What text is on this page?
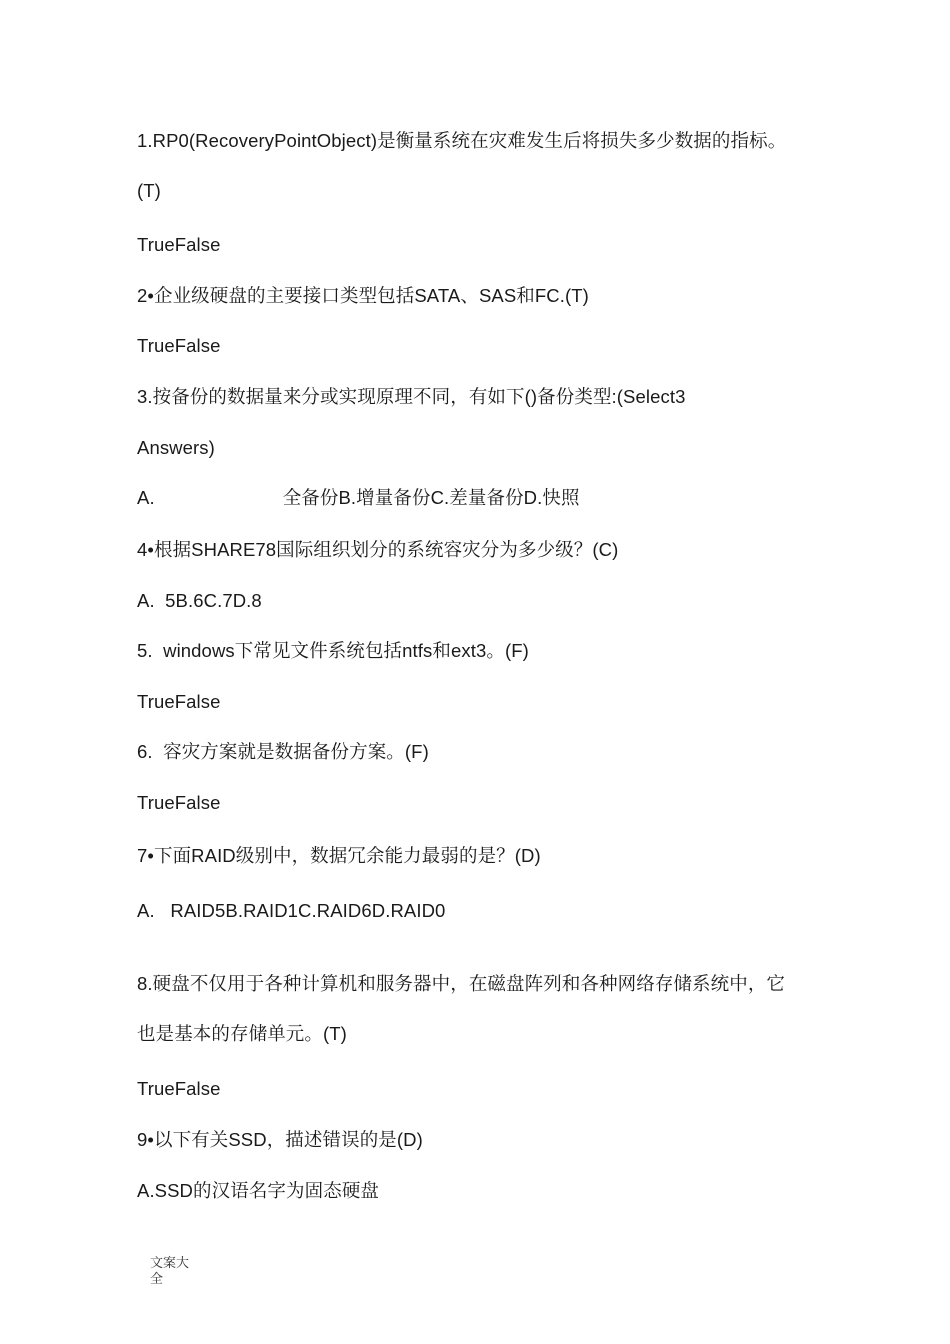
1.RP0(RecoveryPointObject)是衡量系统在灾难发生后将损失多少数据的指标。
(T)
TrueFalse
2•企业级硬盘的主要接口类型包括SATA、SAS和FC.(T)
TrueFalse
3.按备份的数据量来分或实现原理不同，有如下()备份类型:(Select3
Answers)
A.	全备份B.增量备份C.差量备份D.快照
4•根据SHARE78国际组织划分的系统容灾分为多少级？(C)
A.  5B.6C.7D.8
5.  windows下常见文件系统包括ntfs和ext3。(F)
TrueFalse
6.  容灾方案就是数据备份方案。(F)
TrueFalse
7•下面RAID级别中，数据冗余能力最弱的是？(D)
A.   RAID5B.RAID1C.RAID6D.RAID0
8.硬盘不仅用于各种计算机和服务器中，在磁盘阵列和各种网络存储系统中，它
也是基本的存储单元。(T)
TrueFalse
9•以下有关SSD，描述错误的是(D)
A.SSD的汉语名字为固态硬盘
文案大全
